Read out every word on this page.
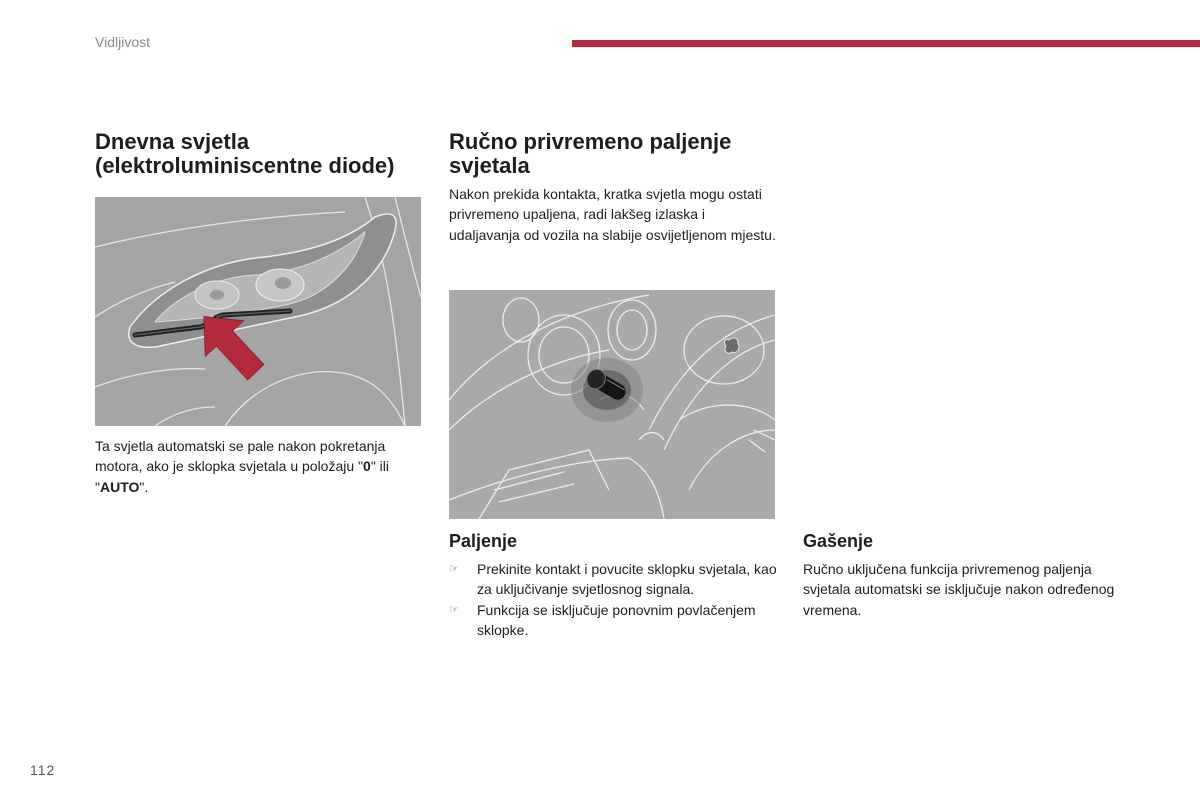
Vidljivost
Dnevna svjetla
(elektroluminiscentne diode)

Ta svjetla automatski se pale nakon pokretanja motora, ako je sklopka svjetala u položaju "0" ili "AUTO".

Ručno privremeno paljenje
svjetala

Nakon prekida kontakta, kratka svjetla mogu ostati privremeno upaljena, radi lakšeg izlaska i udaljavanja od vozila na slabije osvijetljenom mjestu.

Paljenje
☞ Prekinite kontakt i povucite sklopku svjetala, kao za uključivanje svjetlosnog signala.
☞ Funkcija se isključuje ponovnim povlačenjem sklopke.
Gašenje

Ručno uključena funkcija privremenog paljenja svjetala automatski se isključuje nakon određenog vremena.

112
